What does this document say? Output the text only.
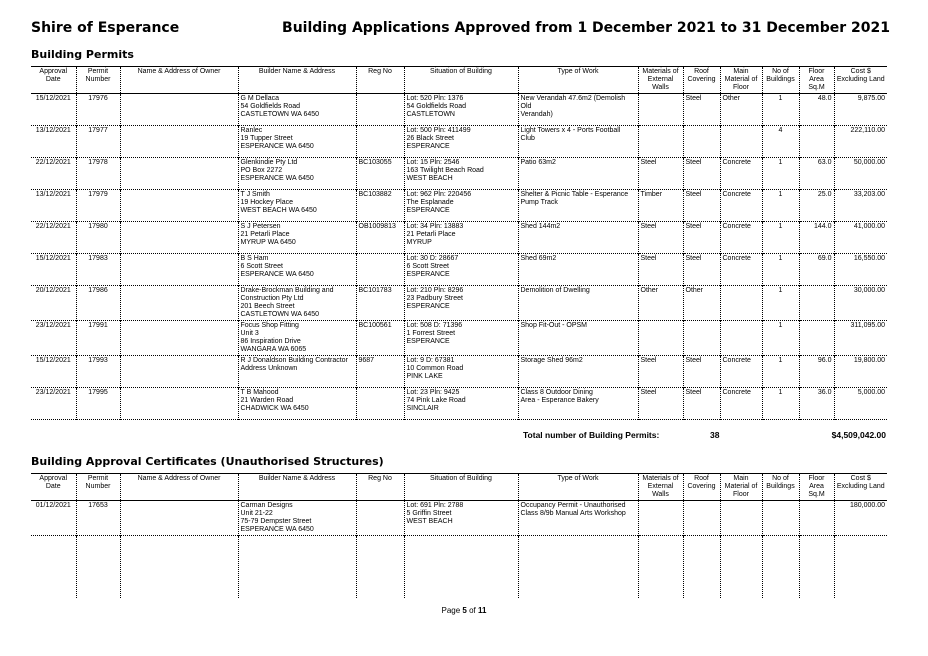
Shire of Esperance	Building Applications Approved from 1 December 2021 to 31 December 2021
Building Permits
Approval Date	Permit Number	Name & Address of Owner	Builder Name & Address	Reg No	Situation of Building	Type of Work	Materials of External Walls	Roof Covering	Main Material of Floor	No of Buildings	Floor Area Sq.M	Cost $ Excluding Land
15/12/2021	17976		G M Dellaca
54 Goldfields Road
CASTLETOWN WA 6450		Lot: 520 Pln: 1376
54 Goldfields Road
CASTLETOWN	New Verandah 47.6m2 (Demolish Old
Verandah)		Steel	Other	1	48.0	9,875.00
13/12/2021	17977		Ranlec
19 Tupper Street
ESPERANCE WA 6450		Lot: 500 Pln: 411499
26 Black Street
ESPERANCE	Light Towers x 4 - Ports Football Club				4		222,110.00
22/12/2021	17978		Glenkindie Pty Ltd
PO Box 2272
ESPERANCE WA 6450	BC103055	Lot: 15 Pln: 2546
163 Twilight Beach Road
WEST BEACH	Patio 63m2	Steel	Steel	Concrete	1	63.0	50,000.00
13/12/2021	17979		T J Smith
19 Hockey Place
WEST BEACH WA 6450	BC103882	Lot: 962 Pln: 220456
The Esplanade
ESPERANCE	Shelter & Picnic Table - Esperance
Pump Track	Timber	Steel	Concrete	1	25.0	33,203.00
22/12/2021	17980		S J Petersen
21 Petarli Place
MYRUP WA 6450	OB1009813	Lot: 34 Pln: 13883
21 Petarli Place
MYRUP	Shed 144m2	Steel	Steel	Concrete	1	144.0	41,000.00
15/12/2021	17983		B S Ham
6 Scott Street
ESPERANCE WA 6450		Lot: 30 D: 28667
6 Scott Street
ESPERANCE	Shed 69m2	Steel	Steel	Concrete	1	69.0	16,550.00
20/12/2021	17986		Drake-Brockman Building and
Construction Pty Ltd
201 Beech Street
CASTLETOWN WA 6450	BC101783	Lot: 210 Pln: 8296
23 Padbury Street
ESPERANCE	Demolition of Dwelling	Other	Other		1		30,000.00
23/12/2021	17991		Focus Shop Fitting
Unit 3
86 Inspiration Drive
WANGARA WA 6065	BC100561	Lot: 508 D: 71396
1 Forrest Street
ESPERANCE	Shop Fit-Out - OPSM				1		311,095.00
15/12/2021	17993		R J Donaldson Building Contractor
Address Unknown	9687	Lot: 9 D: 67381
10 Common Road
PINK LAKE	Storage Shed 96m2	Steel	Steel	Concrete	1	96.0	19,800.00
23/12/2021	17995		T B Mahood
21 Warden Road
CHADWICK WA 6450		Lot: 23 Pln: 9425
74 Pink Lake Road
SINCLAIR	Class 8 Outdoor Dining
Area - Esperance Bakery	Steel	Steel	Concrete	1	36.0	5,000.00
Total number of Building Permits:	38	$4,509,042.00
Building Approval Certificates (Unauthorised Structures)
Approval Date	Permit Number	Name & Address of Owner	Builder Name & Address	Reg No	Situation of Building	Type of Work	Materials of External Walls	Roof Covering	Main Material of Floor	No of Buildings	Floor Area Sq.M	Cost $ Excluding Land
01/12/2021	17653		Carman Designs
Unit 21-22
75-79 Dempster Street
ESPERANCE WA 6450		Lot: 691 Pln: 2788
5 Griffin Street
WEST BEACH	Occupancy Permit - Unauthorised
Class 8/9b Manual Arts Workshop						180,000.00

Page 5 of 11
